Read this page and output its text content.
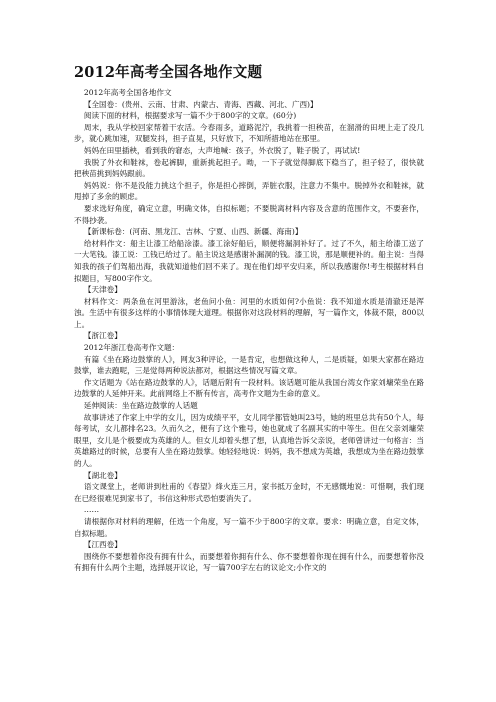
2012年高考全国各地作文题

2012年高考全国各地作文

【全国卷：(贵州、云南、甘肃、内蒙古、青海、西藏、河北、广西)】

阅读下面的材料，根据要求写一篇不少于800字的文章。(60分)

周末，我从学校回家帮着干农活。今春雨多，道路泥泞，我挑着一担秧苗，在溜滑的田埂上走了没几步，就心跳加速，双腿发抖，担子直晃，只好放下，不知所措地站在那里。

妈妈在田里插秧，看到我的窘态，大声地喊：孩子，外衣脱了，鞋子脱了，再试试!

我脱了外衣和鞋袜，卷起裤脚，重新挑起担子。呦，一下子就觉得脚底下稳当了，担子轻了，很快就把秧苗挑到妈妈跟前。

妈妈说：你不是没能力挑这个担子，你是担心摔倒，弄脏衣服，注意力不集中。脱掉外衣和鞋袜，就甩掉了多余的顾虑。

要求选好角度，确定立意，明确文体，自拟标题；不要脱离材料内容及含意的范围作文，不要套作，不得抄袭。

【新课标卷：(河南、黑龙江、吉林、宁夏、山西、新疆、海南)】

给材料作文：船主让漆工给船涂漆。漆工涂好船后，顺便将漏洞补好了。过了不久，船主给漆工送了一大笔钱。漆工说：工钱已给过了。船主说这是感谢补漏洞的钱。漆工说，那是顺便补的。船主说：当得知我的孩子们驾船出海，我就知道他们回不来了。现在他们却平安归来，所以我感谢你!考生根据材料自拟题目，写800字作文。

【天津卷】

材料作文：两条鱼在河里游泳，老鱼问小鱼：河里的水质如何?小鱼说：我不知道水质是清澈还是浑浊。生活中有很多这样的小事情体现大道理。根据你对这段材料的理解，写一篇作文，体裁不限，800以上。

【浙江卷】

2012年浙江卷高考作文题：

有篇《坐在路边鼓掌的人》，网友3种评论，一是肯定，也想做这种人，二是质疑，如果大家都在路边鼓掌，谁去跑呢，三是觉得两种说法都对，根据这些情况写篇文章。

作文话题为《站在路边鼓掌的人》，话题后附有一段材料。该话题可能从我国台湾女作家刘墉荣坐在路边鼓掌的人延伸开来。此前网络上不断有传言，高考作文题为生命的意义。

延伸阅读：坐在路边鼓掌的人话题

故事讲述了作家上中学的女儿，因为成绩平平，女儿同学都管她叫23号，她的班里总共有50个人，每每考试，女儿都排名23。久而久之，便有了这个雅号，她也就成了名副其实的中等生。但在父亲刘墉荣眼里，女儿是个极要成为英雄的人。但女儿却着头想了想，认真地告诉父亲说，老师曾讲过一句格言：当英雄路过的时候，总要有人坐在路边鼓掌。她轻轻地说：妈妈，我不想成为英雄，我想成为坐在路边鼓掌的人。

【湖北卷】

语文课堂上，老师讲到杜甫的《春望》烽火连三月，家书抵万金时，不无感慨地说：可惜啊，我们现在已经很难见到家书了，书信这种形式恐怕要消失了。

……

请根据你对材料的理解，任选一个角度，写一篇不少于800字的文章。要求：明确立意，自定文体，自拟标题。

【江西卷】

围绕你不要想着你没有拥有什么，而要想着你拥有什么、你不要想着你现在拥有什么，而要想着你没有拥有什么两个主题，选择展开议论，写一篇700字左右的议论文;小作文的
